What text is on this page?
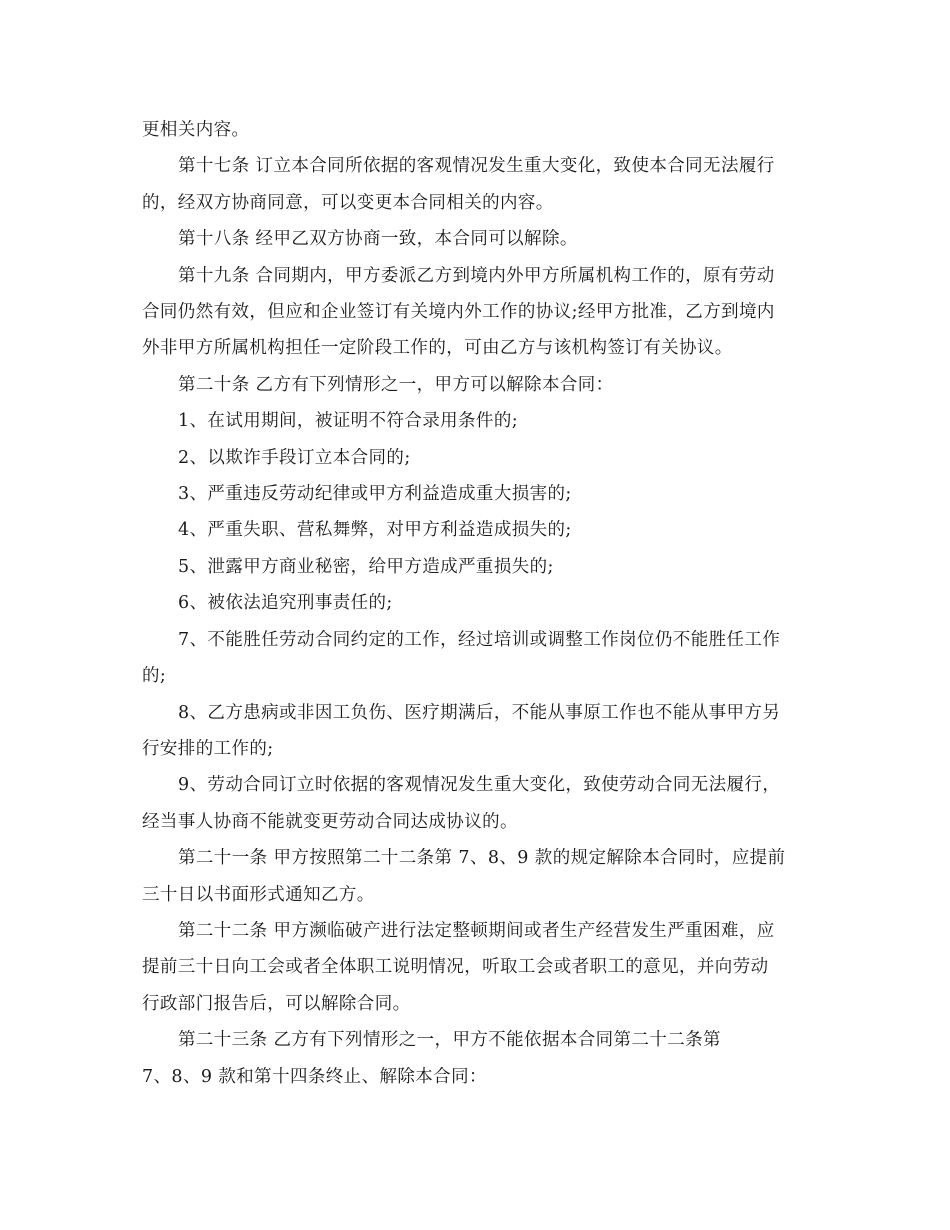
更相关内容。
第十七条 订立本合同所依据的客观情况发生重大变化，致使本合同无法履行
的，经双方协商同意，可以变更本合同相关的内容。
第十八条 经甲乙双方协商一致，本合同可以解除。
第十九条 合同期内，甲方委派乙方到境内外甲方所属机构工作的，原有劳动
合同仍然有效，但应和企业签订有关境内外工作的协议;经甲方批准，乙方到境内
外非甲方所属机构担任一定阶段工作的，可由乙方与该机构签订有关协议。
第二十条 乙方有下列情形之一，甲方可以解除本合同：
1、在试用期间，被证明不符合录用条件的;
2、以欺诈手段订立本合同的;
3、严重违反劳动纪律或甲方利益造成重大损害的;
4、严重失职、营私舞弊，对甲方利益造成损失的;
5、泄露甲方商业秘密，给甲方造成严重损失的;
6、被依法追究刑事责任的;
7、不能胜任劳动合同约定的工作，经过培训或调整工作岗位仍不能胜任工作
的;
8、乙方患病或非因工负伤、医疗期满后，不能从事原工作也不能从事甲方另
行安排的工作的;
9、劳动合同订立时依据的客观情况发生重大变化，致使劳动合同无法履行，
经当事人协商不能就变更劳动合同达成协议的。
第二十一条 甲方按照第二十二条第 7、8、9 款的规定解除本合同时，应提前
三十日以书面形式通知乙方。
第二十二条 甲方濒临破产进行法定整顿期间或者生产经营发生严重困难，应
提前三十日向工会或者全体职工说明情况，听取工会或者职工的意见，并向劳动
行政部门报告后，可以解除合同。
第二十三条 乙方有下列情形之一，甲方不能依据本合同第二十二条第
7、8、9 款和第十四条终止、解除本合同：
